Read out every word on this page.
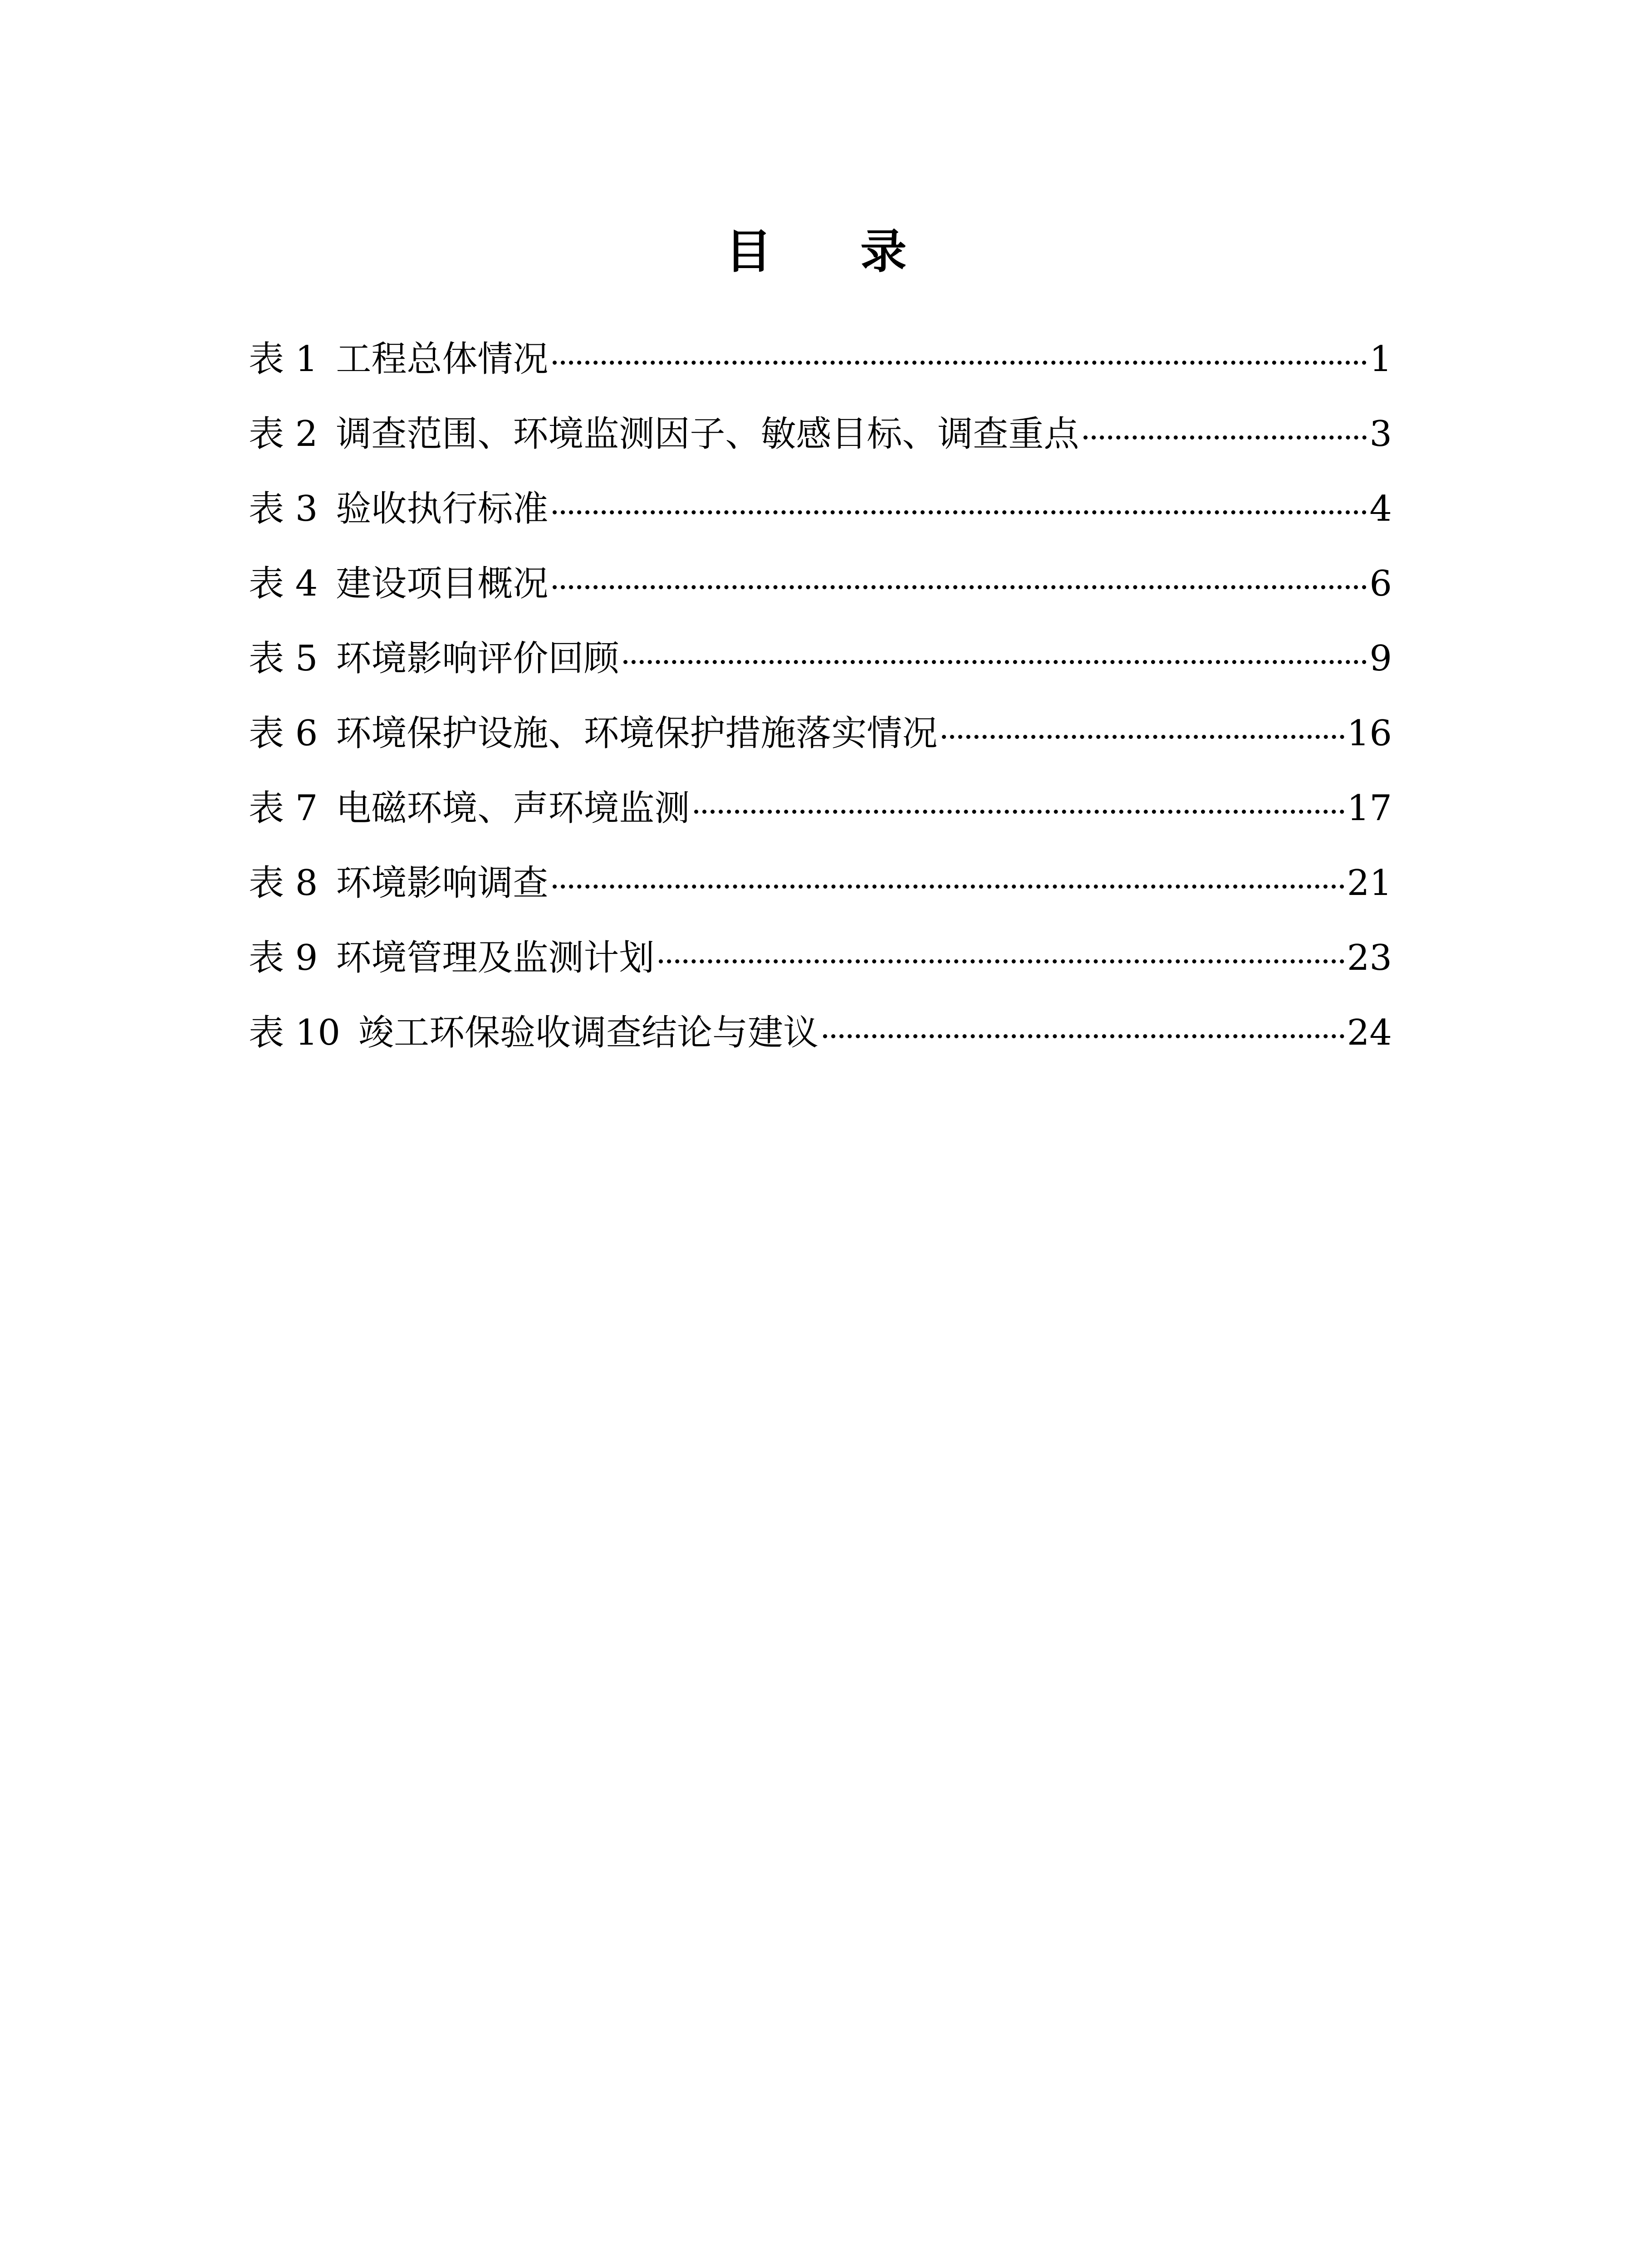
目 录
表 1 工程总体情况	1
表 2 调查范围、环境监测因子、敏感目标、调查重点	3
表 3 验收执行标准	4
表 4 建设项目概况	6
表 5 环境影响评价回顾	9
表 6 环境保护设施、环境保护措施落实情况	16
表 7 电磁环境、声环境监测	17
表 8 环境影响调查	21
表 9 环境管理及监测计划	23
表 10 竣工环保验收调查结论与建议	24
